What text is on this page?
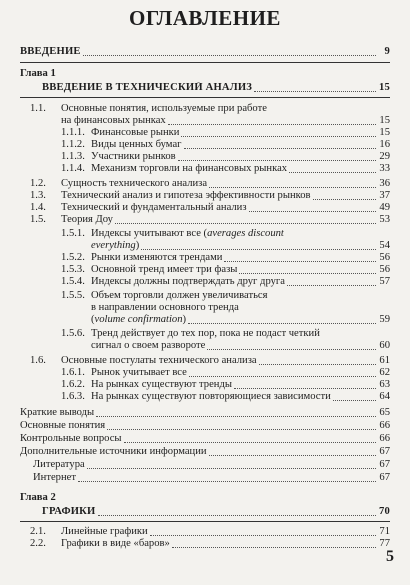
ОГЛАВЛЕНИЕ
ВВЕДЕНИЕ	9
Глава 1
ВВЕДЕНИЕ В ТЕХНИЧЕСКИЙ АНАЛИЗ	15
1.1.	Основные понятия, используемые при работе
на финансовых рынках	15
1.1.1. Финансовые рынки	15
1.1.2. Виды ценных бумаг	16
1.1.3. Участники рынков	29
1.1.4. Механизм торговли на финансовых рынках	33
1.2.	Сущность технического анализа	36
1.3.	Технический анализ и гипотеза эффективности рынков	37
1.4.	Технический и фундаментальный анализ	49
1.5.	Теория Доу	53
1.5.1. Индексы учитывают все (averages discount
everything)	54
1.5.2. Рынки изменяются трендами	56
1.5.3. Основной тренд имеет три фазы	56
1.5.4. Индексы должны подтверждать друг друга	57
1.5.5. Объем торговли должен увеличиваться
в направлении основного тренда
(volume confirmation)	59
1.5.6. Тренд действует до тех пор, пока не подаст четкий
сигнал о своем развороте	60
1.6.	Основные постулаты технического анализа	61
1.6.1. Рынок учитывает все	62
1.6.2. На рынках существуют тренды	63
1.6.3. На рынках существуют повторяющиеся зависимости	64
Краткие выводы	65
Основные понятия	66
Контрольные вопросы	66
Дополнительные источники информации	67
Литература	67
Интернет	67
Глава 2
ГРАФИКИ	70
2.1.	Линейные графики	71
2.2.	Графики в виде «баров»	77
5
